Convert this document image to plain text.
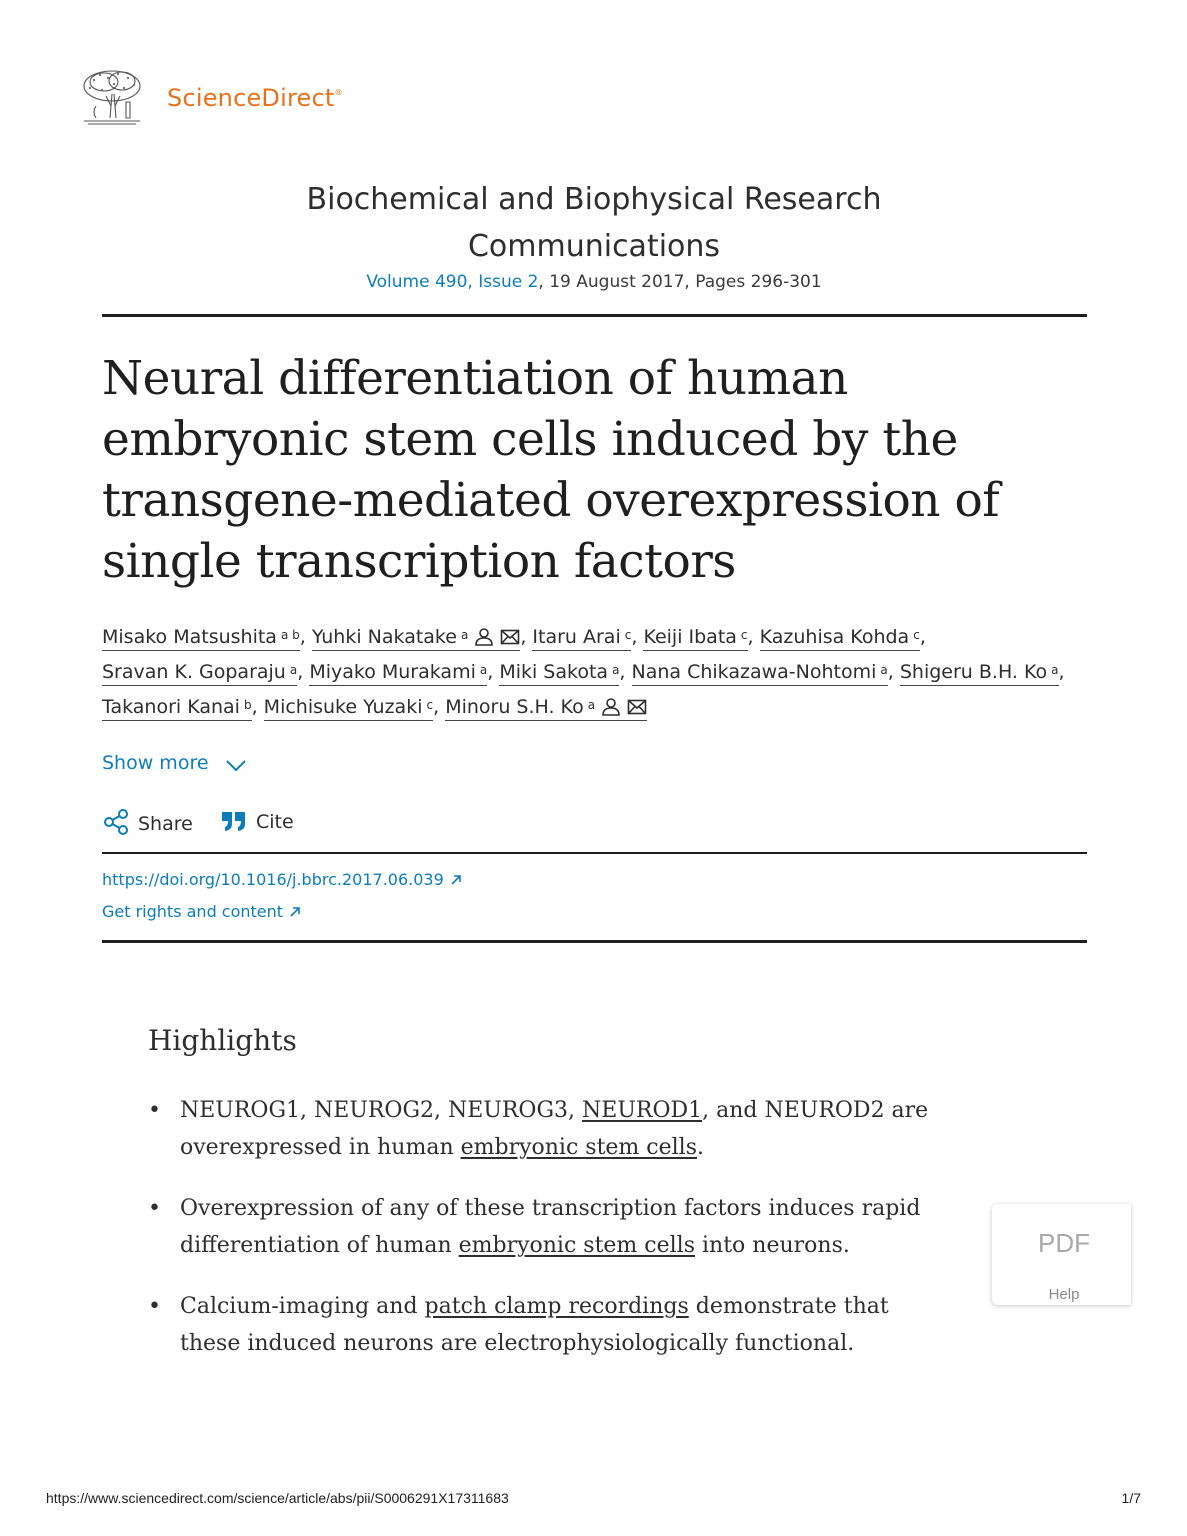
ScienceDirect®
Biochemical and Biophysical Research
Communications
Volume 490, Issue 2, 19 August 2017, Pages 296-301
Neural differentiation of human embryonic stem cells induced by the transgene-mediated overexpression of single transcription factors
Misako Matsushita $^{a b}$, Yuhki Nakatake $^a$	, Itaru Arai $^c$, Keiji Ibata $^c$, Kazuhisa Kohda $^c$, Sravan K. Goparaju $^a$, Miyako Murakami $^a$, Miki Sakota $^a$, Nana Chikazawa-Nohtomi $^a$, Shigeru B.H. Ko $^a$, Takanori Kanai $^b$, Michisuke Yuzaki $^c$, Minoru S.H. Ko $^a$
Show more
Share	Cite
https://doi.org/10.1016/j.bbrc.2017.06.039
Get rights and content
Highlights
• NEUROG1, NEUROG2, NEUROG3, NEUROD1, and NEUROD2 are overexpressed in human embryonic stem cells.
• Overexpression of any of these transcription factors induces rapid differentiation of human embryonic stem cells into neurons.
• Calcium-imaging and patch clamp recordings demonstrate that these induced neurons are electrophysiologically functional.
PDF
Help
https://www.sciencedirect.com/science/article/abs/pii/S0006291X17311683	1/7
